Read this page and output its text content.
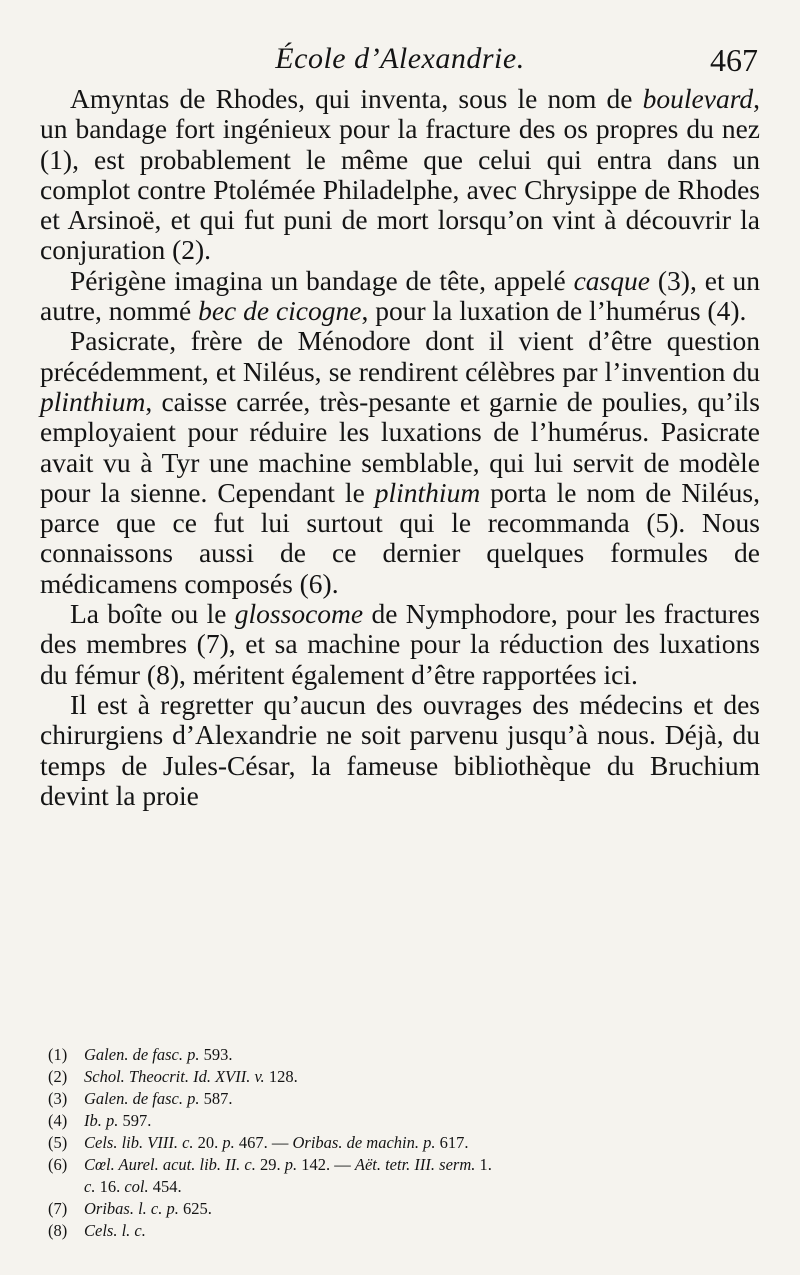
École d’Alexandrie.	467

Amyntas de Rhodes, qui inventa, sous le nom de boulevard, un bandage fort ingénieux pour la fracture des os propres du nez (1), est probablement le même que celui qui entra dans un complot contre Ptolémée Philadelphe, avec Chrysippe de Rhodes et Arsinoë, et qui fut puni de mort lorsqu’on vint à découvrir la conjuration (2).

Périgène imagina un bandage de tête, appelé casque (3), et un autre, nommé bec de cicogne, pour la luxation de l’humérus (4).

Pasicrate, frère de Ménodore dont il vient d’être question précédemment, et Niléus, se rendirent célèbres par l’invention du plinthium, caisse carrée, très-pesante et garnie de poulies, qu’ils employaient pour réduire les luxations de l’humérus. Pasicrate avait vu à Tyr une machine semblable, qui lui servit de modèle pour la sienne. Cependant le plinthium porta le nom de Niléus, parce que ce fut lui surtout qui le recommanda (5). Nous connaissons aussi de ce dernier quelques formules de médicamens composés (6).

La boîte ou le glossocome de Nymphodore, pour les fractures des membres (7), et sa machine pour la réduction des luxations du fémur (8), méritent également d’être rapportées ici.

Il est à regretter qu’aucun des ouvrages des médecins et des chirurgiens d’Alexandrie ne soit parvenu jusqu’à nous. Déjà, du temps de Jules-César, la fameuse bibliothèque du Bruchium devint la proie

(1) Galen. de fasc. p. 593.
(2) Schol. Theocrit. Id. XVII. v. 128.
(3) Galen. de fasc. p. 587.
(4) Ib. p. 597.
(5) Cels. lib. VIII. c. 20. p. 467. — Oribas. de machin. p. 617.
(6) Cœl. Aurel. acut. lib. II. c. 29. p. 142. — Aët. tetr. III. serm. 1.
c. 16. col. 454.
(7) Oribas. l. c. p. 625.
(8) Cels. l. c.
